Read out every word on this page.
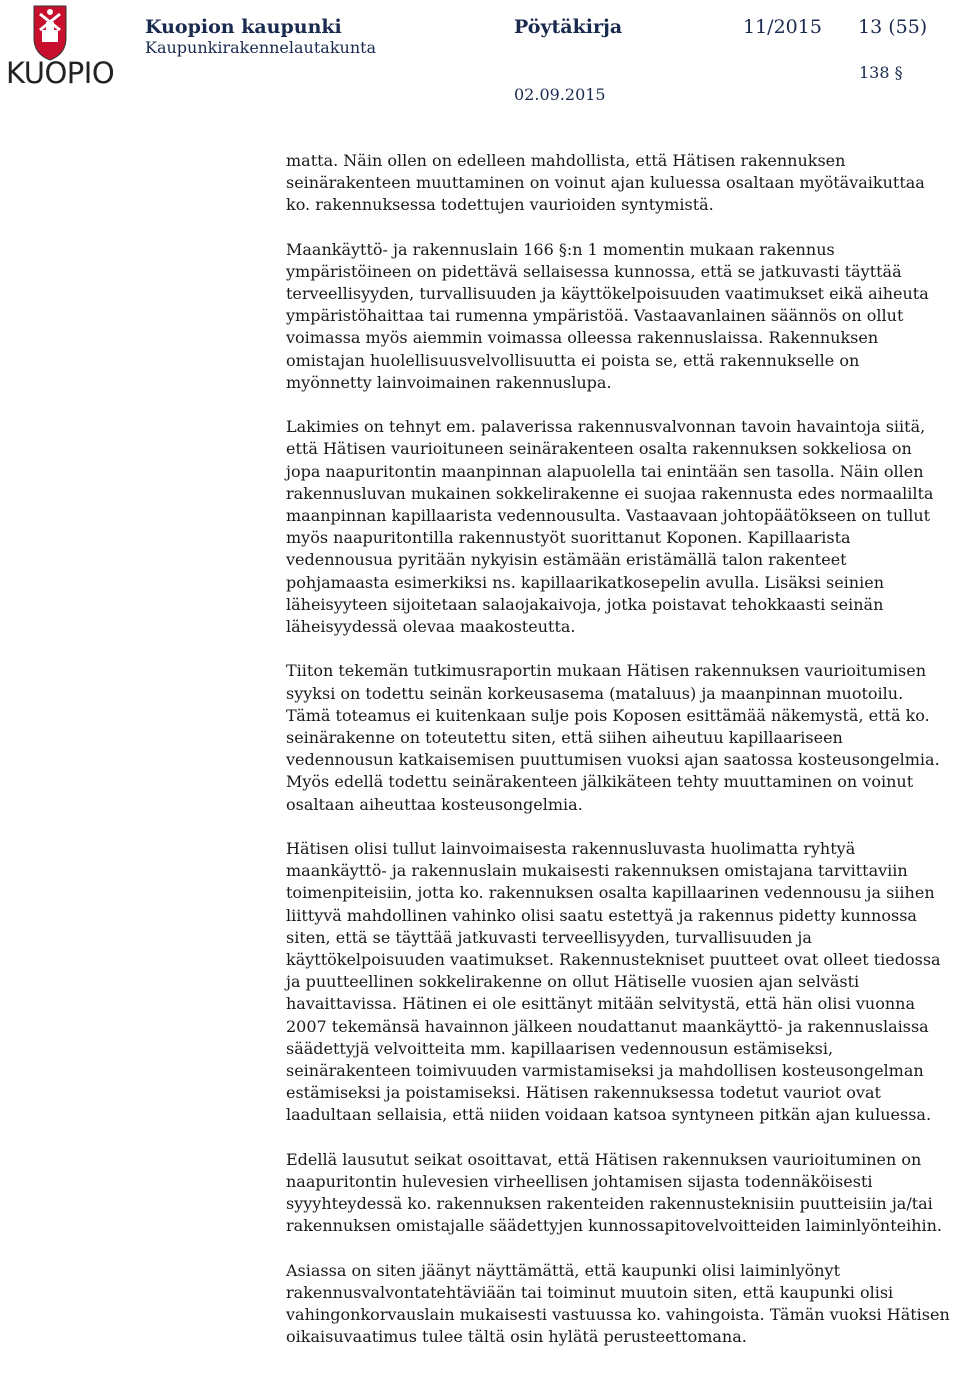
KUOPIO
Kuopion kaupunki
Kaupunkirakennelautakunta
Pöytäkirja	11/2015 13 (55)
138 §
02.09.2015

matta. Näin ollen on edelleen mahdollista, että Hätisen rakennuksen seinärakenteen muuttaminen on voinut ajan kuluessa osaltaan myötävaikuttaa ko. rakennuksessa todettujen vaurioiden syntymistä.

Maankäyttö- ja rakennuslain 166 §:n 1 momentin mukaan rakennus ympäristöineen on pidettävä sellaisessa kunnossa, että se jatkuvasti täyttää terveellisyyden, turvallisuuden ja käyttökelpoisuuden vaatimukset eikä aiheuta ympäristöhaittaa tai rumenna ympäristöä. Vastaavanlainen säännös on ollut voimassa myös aiemmin voimassa olleessa rakennuslaissa. Rakennuksen omistajan huolellisuusvelvollisuutta ei poista se, että rakennukselle on myönnetty lainvoimainen rakennuslupa.

Lakimies on tehnyt em. palaverissa rakennusvalvonnan tavoin havaintoja siitä, että Hätisen vaurioituneen seinärakenteen osalta rakennuksen sokkeliosa on jopa naapuritontin maanpinnan alapuolella tai enintään sen tasolla. Näin ollen rakennusluvan mukainen sokkelirakenne ei suojaa rakennusta edes normaalilta maanpinnan kapillaarista vedennousulta. Vastaavaan johtopäätökseen on tullut myös naapuritontilla rakennustyöt suorittanut Koponen. Kapillaarista vedennousua pyritään nykyisin estämään eristämällä talon rakenteet pohjamaasta esimerkiksi ns. kapillaarikatkosepelin avulla. Lisäksi seinien läheisyyteen sijoitetaan salaojakaivoja, jotka poistavat tehokkaasti seinän läheisyydessä olevaa maakosteutta.

Tiiton tekemän tutkimusraportin mukaan Hätisen rakennuksen vaurioitumisen syyksi on todettu seinän korkeusasema (mataluus) ja maanpinnan muotoilu. Tämä toteamus ei kuitenkaan sulje pois Koposen esittämää näkemystä, että ko. seinärakenne on toteutettu siten, että siihen aiheutuu kapillaariseen vedennousun katkaisemisen puuttumisen vuoksi ajan saatossa kosteusongelmia. Myös edellä todettu seinärakenteen jälkikäteen tehty muuttaminen on voinut osaltaan aiheuttaa kosteusongelmia.

Hätisen olisi tullut lainvoimaisesta rakennusluvasta huolimatta ryhtyä maankäyttö- ja rakennuslain mukaisesti rakennuksen omistajana tarvittaviin toimenpiteisiin, jotta ko. rakennuksen osalta kapillaarinen vedennousu ja siihen liittyvä mahdollinen vahinko olisi saatu estettyä ja rakennus pidetty kunnossa siten, että se täyttää jatkuvasti terveellisyyden, turvallisuuden ja käyttökelpoisuuden vaatimukset. Rakennustekniset puutteet ovat olleet tiedossa ja puutteellinen sokkelirakenne on ollut Hätiselle vuosien ajan selvästi havaittavissa. Hätinen ei ole esittänyt mitään selvitystä, että hän olisi vuonna 2007 tekemänsä havainnon jälkeen noudattanut maankäyttö- ja rakennuslaissa säädettyjä velvoitteita mm. kapillaarisen vedennousun estämiseksi, seinärakenteen toimivuuden varmistamiseksi ja mahdollisen kosteusongelman estämiseksi ja poistamiseksi. Hätisen rakennuksessa todetut vauriot ovat laadultaan sellaisia, että niiden voidaan katsoa syntyneen pitkän ajan kuluessa.

Edellä lausutut seikat osoittavat, että Hätisen rakennuksen vaurioituminen on naapuritontin hulevesien virheellisen johtamisen sijasta todennäköisesti syyyhteydessä ko. rakennuksen rakenteiden rakennusteknisiin puutteisiin ja/tai rakennuksen omistajalle säädettyjen kunnossapitovelvoitteiden laiminlyönteihin.

Asiassa on siten jäänyt näyttämättä, että kaupunki olisi laiminlyönyt rakennusvalvontatehtäviään tai toiminut muutoin siten, että kaupunki olisi vahingonkorvauslain mukaisesti vastuussa ko. vahingoista. Tämän vuoksi Hätisen oikaisuvaatimus tulee tältä osin hylätä perusteettomana.
